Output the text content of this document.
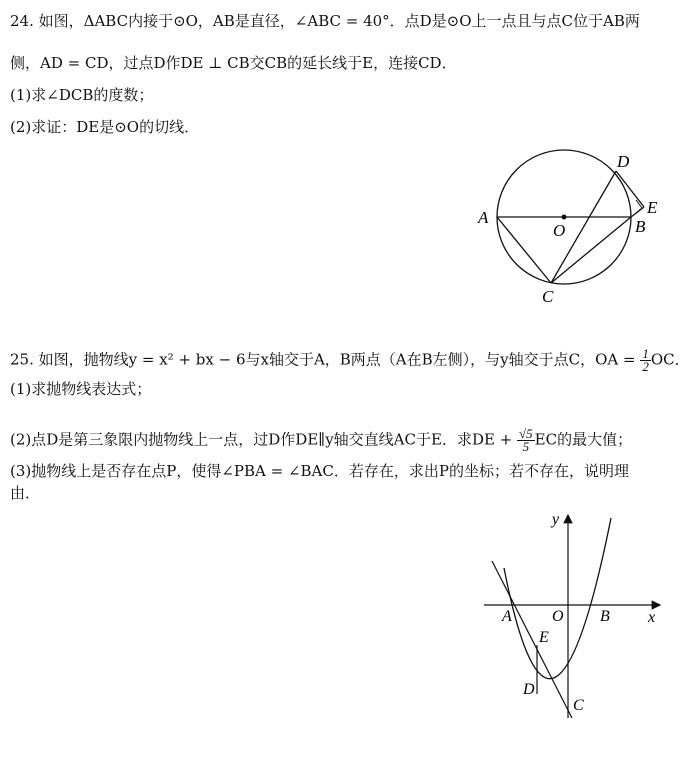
24. 如图，ΔABC内接于⊙O，AB是直径，∠ABC = 40°．点D是⊙O上一点且与点C位于AB两
侧，AD = CD，过点D作DE ⊥ CB交CB的延长线于E，连接CD．
(1)求∠DCB的度数；
(2)求证：DE是⊙O的切线．
A
O	B
C
D
E
25. 如图，抛物线y = x² + bx − 6与x轴交于A，B两点（A在B左侧），与y轴交于点C，OA = $\frac{1}{2}$ OC．
(1)求抛物线表达式；
(2)点D是第三象限内抛物线上一点，过D作DE∥y轴交直线AC于E．求DE + $\frac{√5}{5}$ EC的最大值；
(3)抛物线上是否存在点P，使得∠PBA = ∠BAC．若存在，求出P的坐标；若不存在，说明理
由．
y
x
A	O B
E
D
C
